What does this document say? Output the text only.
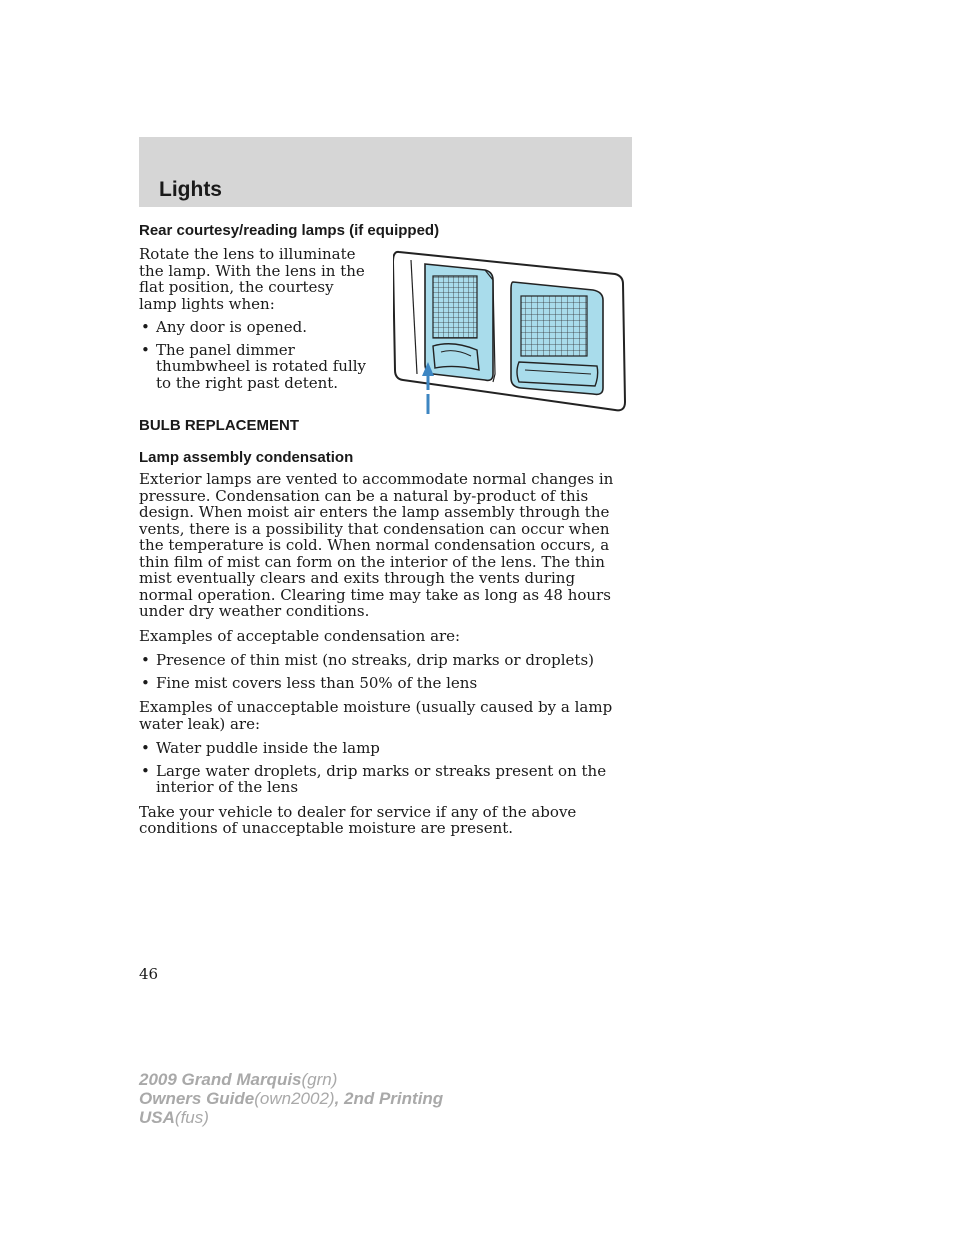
Lights
Rear courtesy/reading lamps (if equipped)

Rotate the lens to illuminate the lamp. With the lens in the flat position, the courtesy lamp lights when:

• Any door is opened.
• The panel dimmer thumbwheel is rotated fully to the right past detent.
BULB REPLACEMENT
Lamp assembly condensation

Exterior lamps are vented to accommodate normal changes in pressure. Condensation can be a natural by-product of this design. When moist air enters the lamp assembly through the vents, there is a possibility that condensation can occur when the temperature is cold. When normal condensation occurs, a thin film of mist can form on the interior of the lens. The thin mist eventually clears and exits through the vents during normal operation. Clearing time may take as long as 48 hours under dry weather conditions.

Examples of acceptable condensation are:

• Presence of thin mist (no streaks, drip marks or droplets)
• Fine mist covers less than 50% of the lens

Examples of unacceptable moisture (usually caused by a lamp water leak) are:

• Water puddle inside the lamp
• Large water droplets, drip marks or streaks present on the interior of the lens

Take your vehicle to dealer for service if any of the above conditions of unacceptable moisture are present.

46
2009 Grand Marquis(grn)
Owners Guide(own2002), 2nd Printing
USA(fus)
